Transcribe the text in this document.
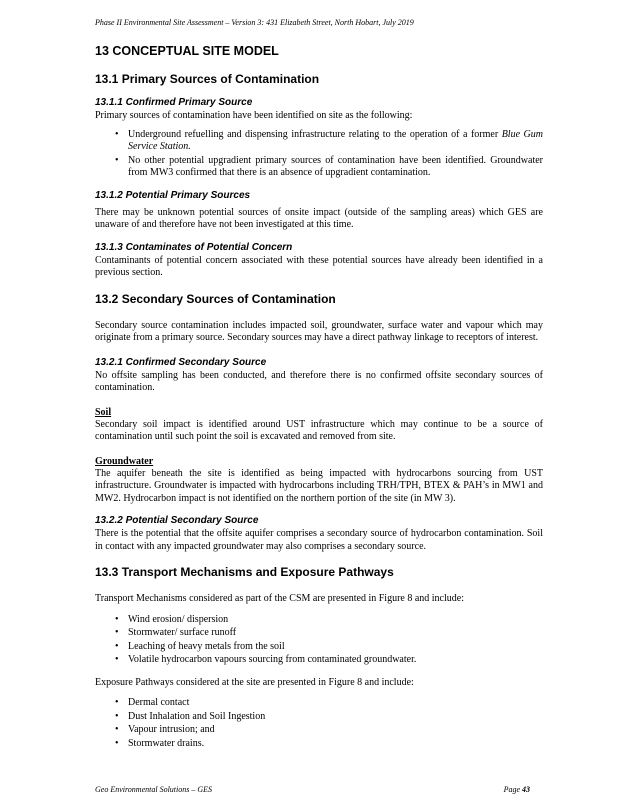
Phase II Environmental Site Assessment – Version 3: 431 Elizabeth Street, North Hobart, July 2019
13 CONCEPTUAL SITE MODEL
13.1 Primary Sources of Contamination
13.1.1 Confirmed Primary Source

Primary sources of contamination have been identified on site as the following:

• Underground refuelling and dispensing infrastructure relating to the operation of a former Blue Gum Service Station.
• No other potential upgradient primary sources of contamination have been identified. Groundwater from MW3 confirmed that there is an absence of upgradient contamination.
13.1.2 Potential Primary Sources

There may be unknown potential sources of onsite impact (outside of the sampling areas) which GES are unaware of and therefore have not been investigated at this time.

13.1.3 Contaminates of Potential Concern

Contaminants of potential concern associated with these potential sources have already been identified in a previous section.

13.2 Secondary Sources of Contamination

Secondary source contamination includes impacted soil, groundwater, surface water and vapour which may originate from a primary source. Secondary sources may have a direct pathway linkage to receptors of interest.

13.2.1 Confirmed Secondary Source

No offsite sampling has been conducted, and therefore there is no confirmed offsite secondary sources of contamination.

Soil

Secondary soil impact is identified around UST infrastructure which may continue to be a source of contamination until such point the soil is excavated and removed from site.

Groundwater

The aquifer beneath the site is identified as being impacted with hydrocarbons sourcing from UST infrastructure. Groundwater is impacted with hydrocarbons including TRH/TPH, BTEX & PAH’s in MW1 and MW2. Hydrocarbon impact is not identified on the northern portion of the site (in MW 3).

13.2.2 Potential Secondary Source

There is the potential that the offsite aquifer comprises a secondary source of hydrocarbon contamination. Soil in contact with any impacted groundwater may also comprises a secondary source.

13.3 Transport Mechanisms and Exposure Pathways

Transport Mechanisms considered as part of the CSM are presented in Figure 8 and include:

• Wind erosion/ dispersion
• Stormwater/ surface runoff
• Leaching of heavy metals from the soil
• Volatile hydrocarbon vapours sourcing from contaminated groundwater.

Exposure Pathways considered at the site are presented in Figure 8 and include:

• Dermal contact
• Dust Inhalation and Soil Ingestion
• Vapour intrusion; and
• Stormwater drains.
Geo Environmental Solutions – GES	Page 43
